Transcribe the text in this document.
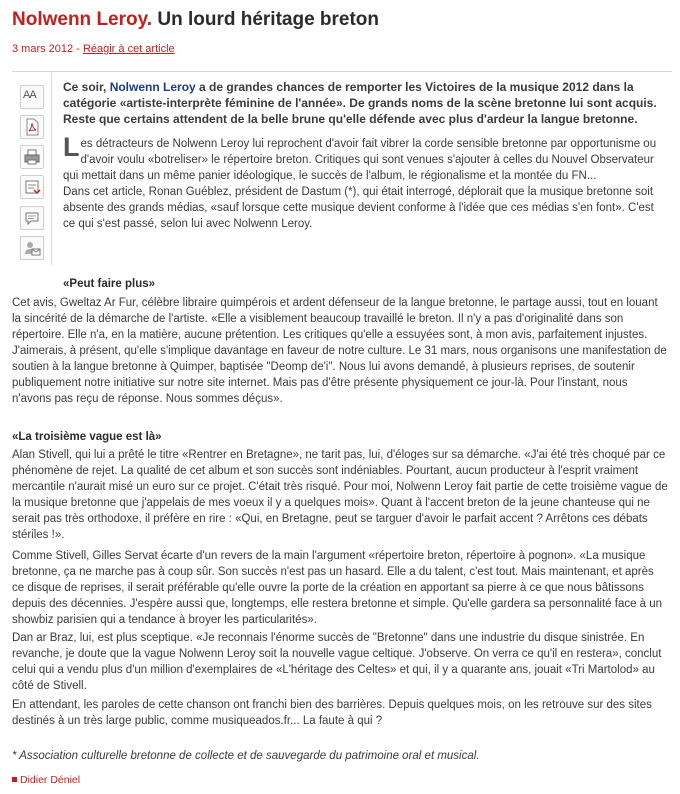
Nolwenn Leroy. Un lourd héritage breton
3 mars 2012 - Réagir à cet article
AA

Ce soir, Nolwenn Leroy a de grandes chances de remporter les Victoires de la musique 2012 dans la catégorie «artiste-interprète féminine de l'année». De grands noms de la scène bretonne lui sont acquis. Reste que certains attendent de la belle brune qu'elle défende avec plus d'ardeur la langue bretonne.

Les détracteurs de Nolwenn Leroy lui reprochent d'avoir fait vibrer la corde sensible bretonne par opportunisme ou d'avoir voulu «botreliser» le répertoire breton. Critiques qui sont venues s'ajouter à celles du Nouvel Observateur qui mettait dans un même panier idéologique, le succès de l'album, le régionalisme et la montée du FN...
Dans cet article, Ronan Guéblez, président de Dastum (*), qui était interrogé, déplorait que la musique bretonne soit absente des grands médias, «sauf lorsque cette musique devient conforme à l'idée que ces médias s'en font». C'est ce qui s'est passé, selon lui avec Nolwenn Leroy.
«Peut faire plus»

Cet avis, Gweltaz Ar Fur, célèbre libraire quimpérois et ardent défenseur de la langue bretonne, le partage aussi, tout en louant la sincérité de la démarche de l'artiste. «Elle a visiblement beaucoup travaillé le breton. Il n'y a pas d'originalité dans son répertoire. Elle n'a, en la matière, aucune prétention. Les critiques qu'elle a essuyées sont, à mon avis, parfaitement injustes. J'aimerais, à présent, qu'elle s'implique davantage en faveur de notre culture. Le 31 mars, nous organisons une manifestation de soutien à la langue bretonne à Quimper, baptisée "Deomp de'i". Nous lui avons demandé, à plusieurs reprises, de soutenir publiquement notre initiative sur notre site internet. Mais pas d'être présente physiquement ce jour-là. Pour l'instant, nous n'avons pas reçu de réponse. Nous sommes déçus».

«La troisième vague est là»

Alan Stivell, qui lui a prêté le titre «Rentrer en Bretagne», ne tarit pas, lui, d'éloges sur sa démarche. «J'ai été très choqué par ce phénomène de rejet. La qualité de cet album et son succès sont indéniables. Pourtant, aucun producteur à l'esprit vraiment mercantile n'aurait misé un euro sur ce projet. C'était très risqué. Pour moi, Nolwenn Leroy fait partie de cette troisième vague de la musique bretonne que j'appelais de mes voeux il y a quelques mois». Quant à l'accent breton de la jeune chanteuse qui ne serait pas très orthodoxe, il préfère en rire : «Qui, en Bretagne, peut se targuer d'avoir le parfait accent ? Arrêtons ces débats stériles !».

Comme Stivell, Gilles Servat écarte d'un revers de la main l'argument «répertoire breton, répertoire à pognon». «La musique bretonne, ça ne marche pas à coup sûr. Son succès n'est pas un hasard. Elle a du talent, c'est tout. Mais maintenant, et après ce disque de reprises, il serait préférable qu'elle ouvre la porte de la création en apportant sa pierre à ce que nous bâtissons depuis des décennies. J'espère aussi que, longtemps, elle restera bretonne et simple. Qu'elle gardera sa personnalité face à un showbiz parisien qui a tendance à broyer les particularités».

Dan ar Braz, lui, est plus sceptique. «Je reconnais l'énorme succès de "Bretonne" dans une industrie du disque sinistrée. En revanche, je doute que la vague Nolwenn Leroy soit la nouvelle vague celtique. J'observe. On verra ce qu'il en restera», conclut celui qui a vendu plus d'un million d'exemplaires de «L'héritage des Celtes» et qui, il y a quarante ans, jouait «Tri Martolod» au côté de Stivell.

En attendant, les paroles de cette chanson ont franchi bien des barrières. Depuis quelques mois, on les retrouve sur des sites destinés à un très large public, comme musiqueados.fr... La faute à qui ?

* Association culturelle bretonne de collecte et de sauvegarde du patrimoine oral et musical.
Didier Déniel
